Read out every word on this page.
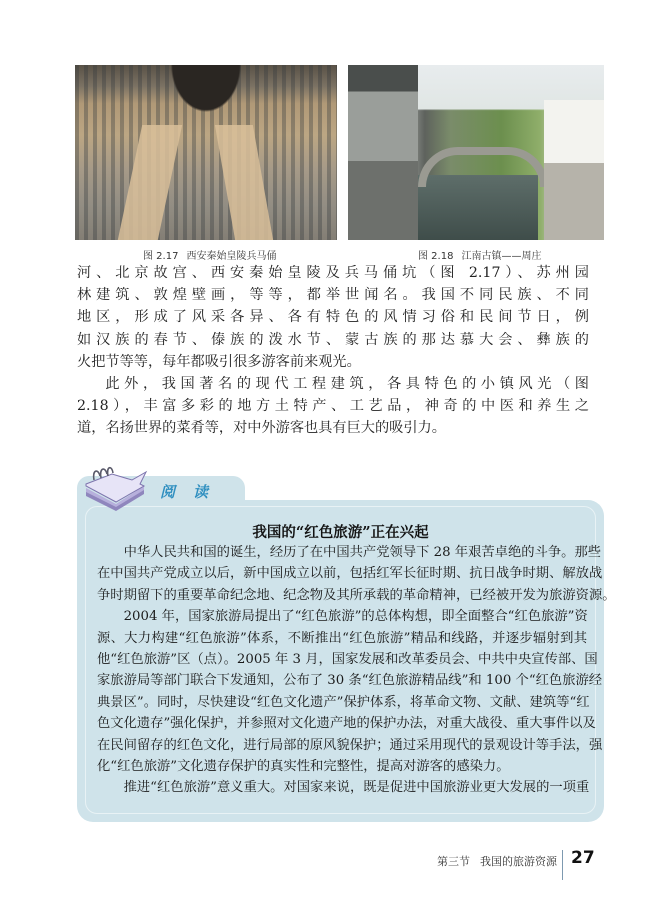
图 2.17 西安秦始皇陵兵马俑	图 2.18 江南古镇——周庄

河、北京故宫、西安秦始皇陵及兵马俑坑（图 2.17）、苏州园
林建筑、敦煌壁画，等等，都举世闻名。我国不同民族、不同
地区，形成了风采各异、各有特色的风情习俗和民间节日，例
如汉族的春节、傣族的泼水节、蒙古族的那达慕大会、彝族的
火把节等等，每年都吸引很多游客前来观光。

此外，我国著名的现代工程建筑，各具特色的小镇风光（图
2.18），丰富多彩的地方土特产、工艺品，神奇的中医和养生之
道，名扬世界的菜肴等，对中外游客也具有巨大的吸引力。

阅读
我国的“红色旅游”正在兴起
中华人民共和国的诞生，经历了在中国共产党领导下 28 年艰苦卓绝的斗争。那些
在中国共产党成立以后，新中国成立以前，包括红军长征时期、抗日战争时期、解放战
争时期留下的重要革命纪念地、纪念物及其所承载的革命精神，已经被开发为旅游资源。
2004 年，国家旅游局提出了“红色旅游”的总体构想，即全面整合“红色旅游”资
源、大力构建“红色旅游”体系，不断推出“红色旅游”精品和线路，并逐步辐射到其
他“红色旅游”区（点）。2005 年 3 月，国家发展和改革委员会、中共中央宣传部、国
家旅游局等部门联合下发通知，公布了 30 条“红色旅游精品线”和 100 个“红色旅游经
典景区”。同时，尽快建设“红色文化遗产”保护体系，将革命文物、文献、建筑等“红
色文化遗存”强化保护，并参照对文化遗产地的保护办法，对重大战役、重大事件以及
在民间留存的红色文化，进行局部的原风貌保护；通过采用现代的景观设计等手法，强
化“红色旅游”文化遗存保护的真实性和完整性，提高对游客的感染力。
推进“红色旅游”意义重大。对国家来说，既是促进中国旅游业更大发展的一项重
第三节 我国的旅游资源 27
